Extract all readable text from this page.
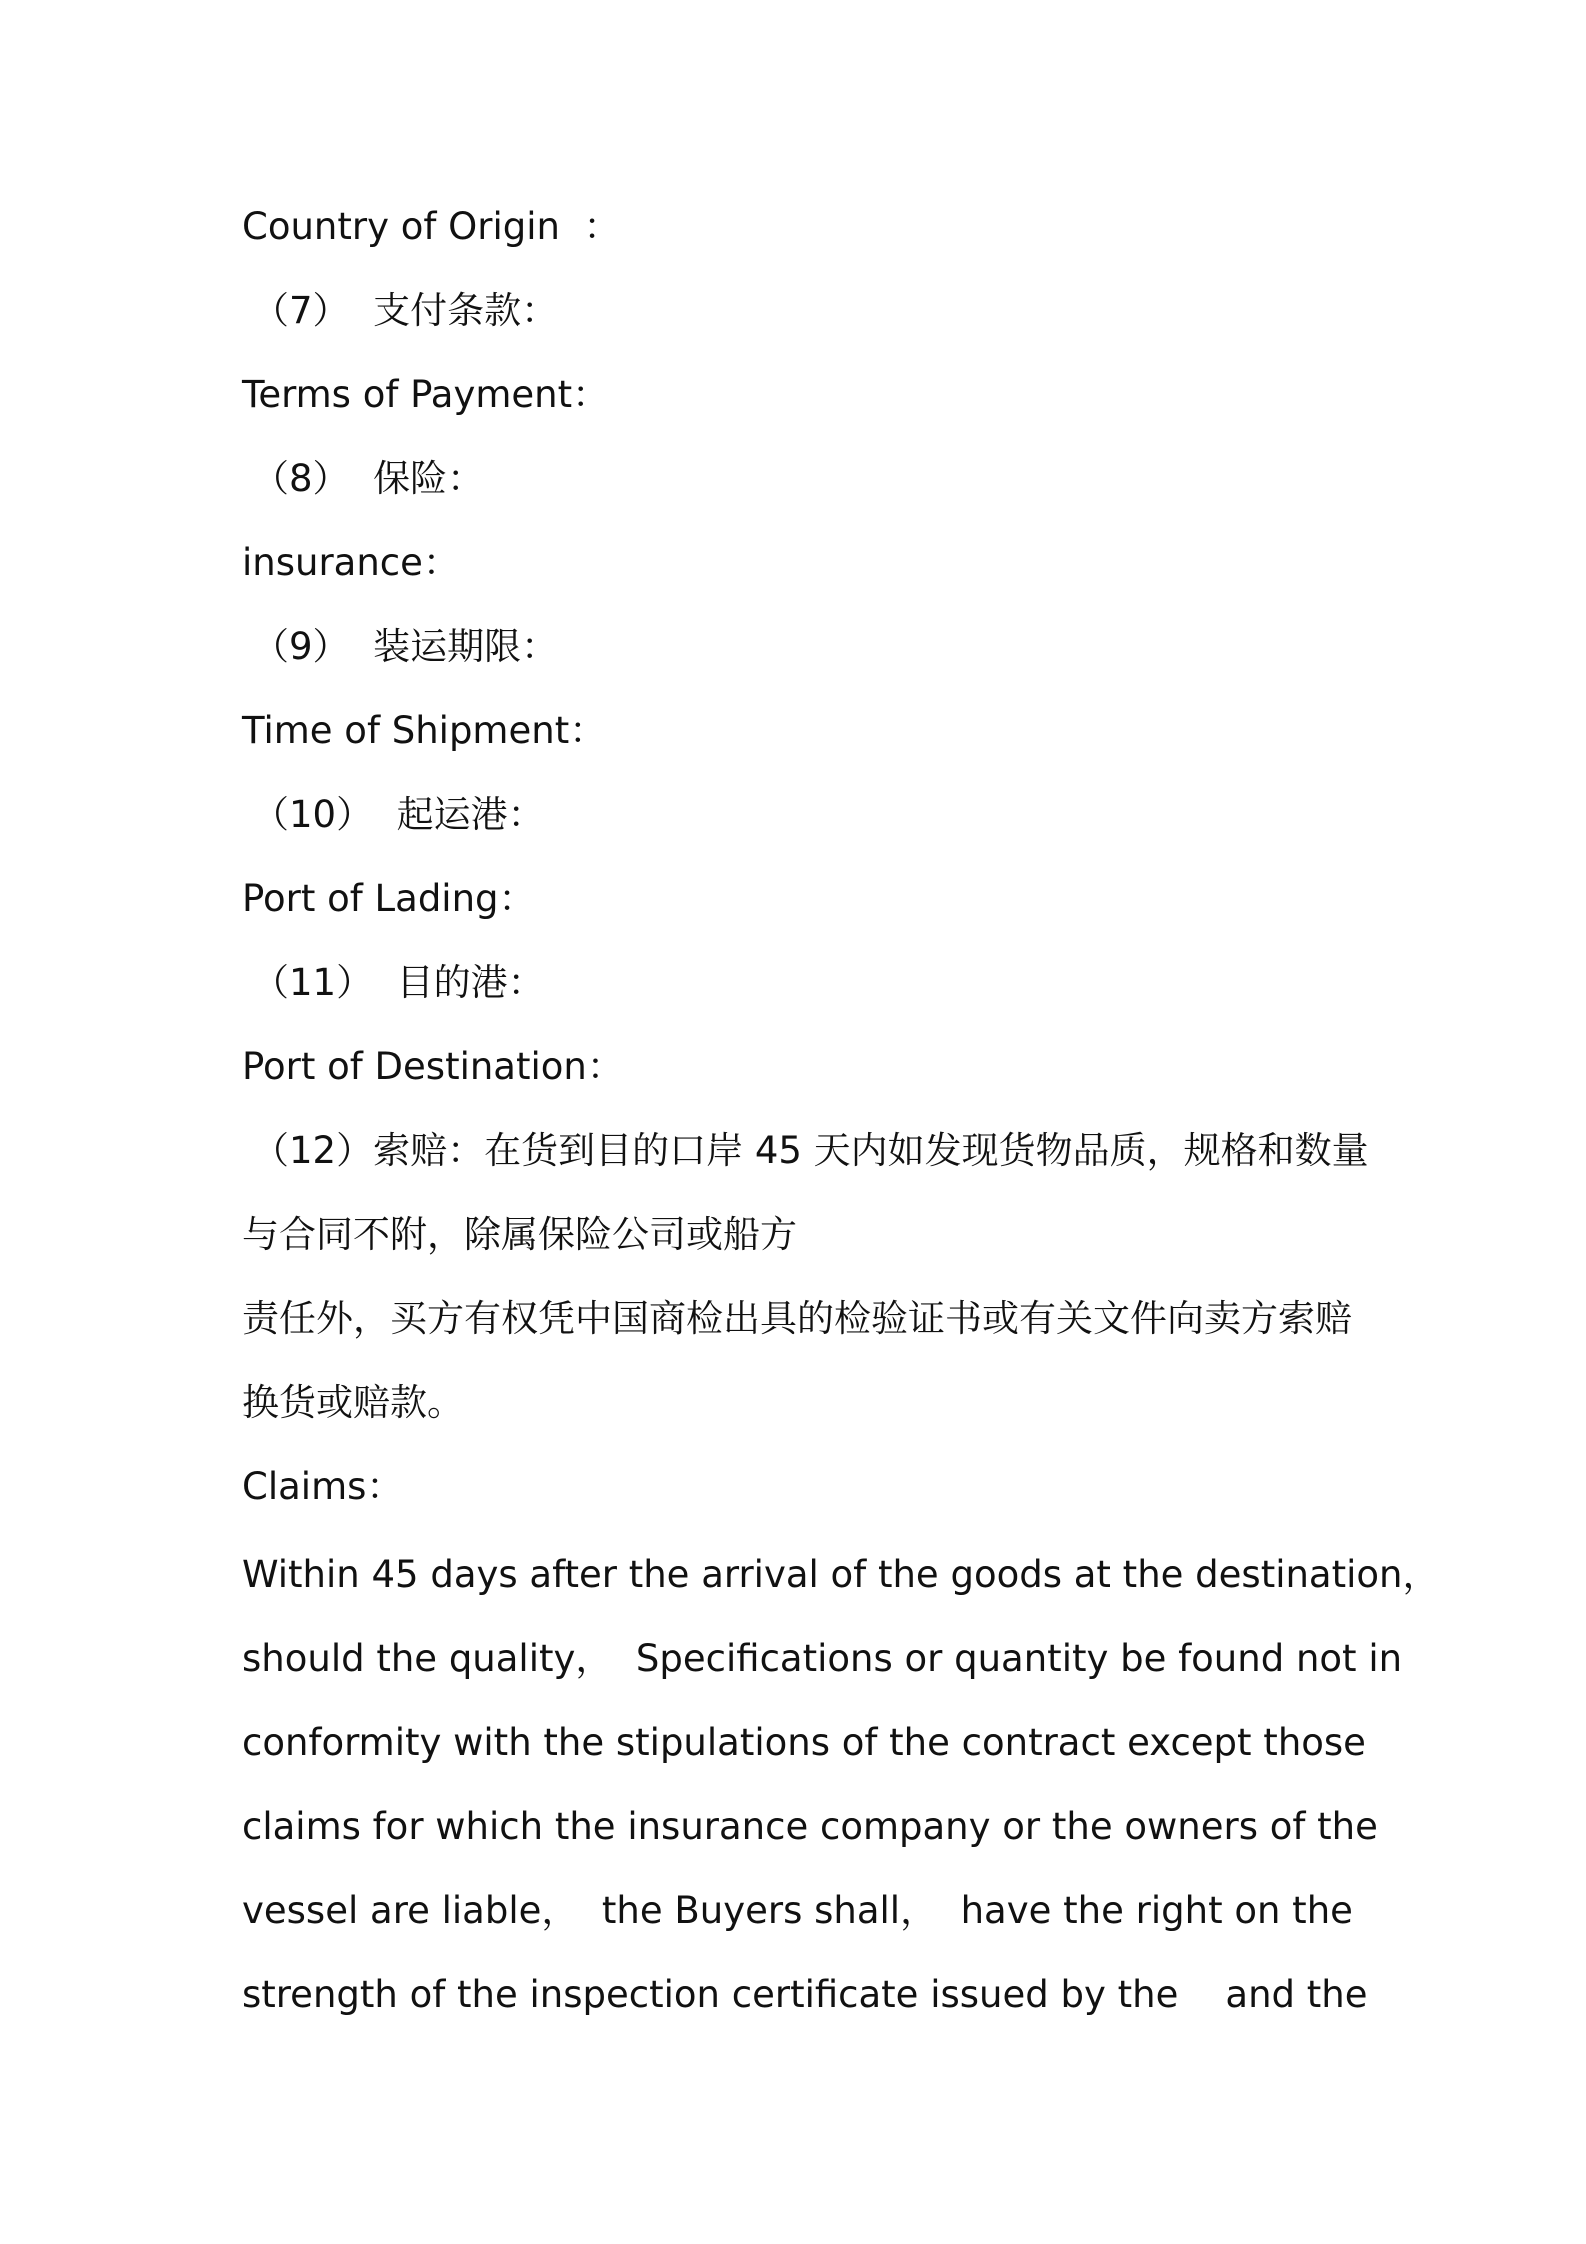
Country of Origin  ：
（7）  支付条款：
Terms of Payment：
（8）  保险：
insurance：
（9）  装运期限：
Time of Shipment：
（10）  起运港：
Port of Lading：
（11）  目的港：
Port of Destination：
（12）索赔：在货到目的口岸 45 天内如发现货物品质，规格和数量
与合同不附，除属保险公司或船方
责任外，买方有权凭中国商检出具的检验证书或有关文件向卖方索赔
换货或赔款。
Claims：
Within 45 days after the arrival of the goods at the destination，
should the quality，  Specifications or quantity be found not in
conformity with the stipulations of the contract except those
claims for which the insurance company or the owners of the
vessel are liable，  the Buyers shall，  have the right on the
strength of the inspection certificate issued by the    and the
